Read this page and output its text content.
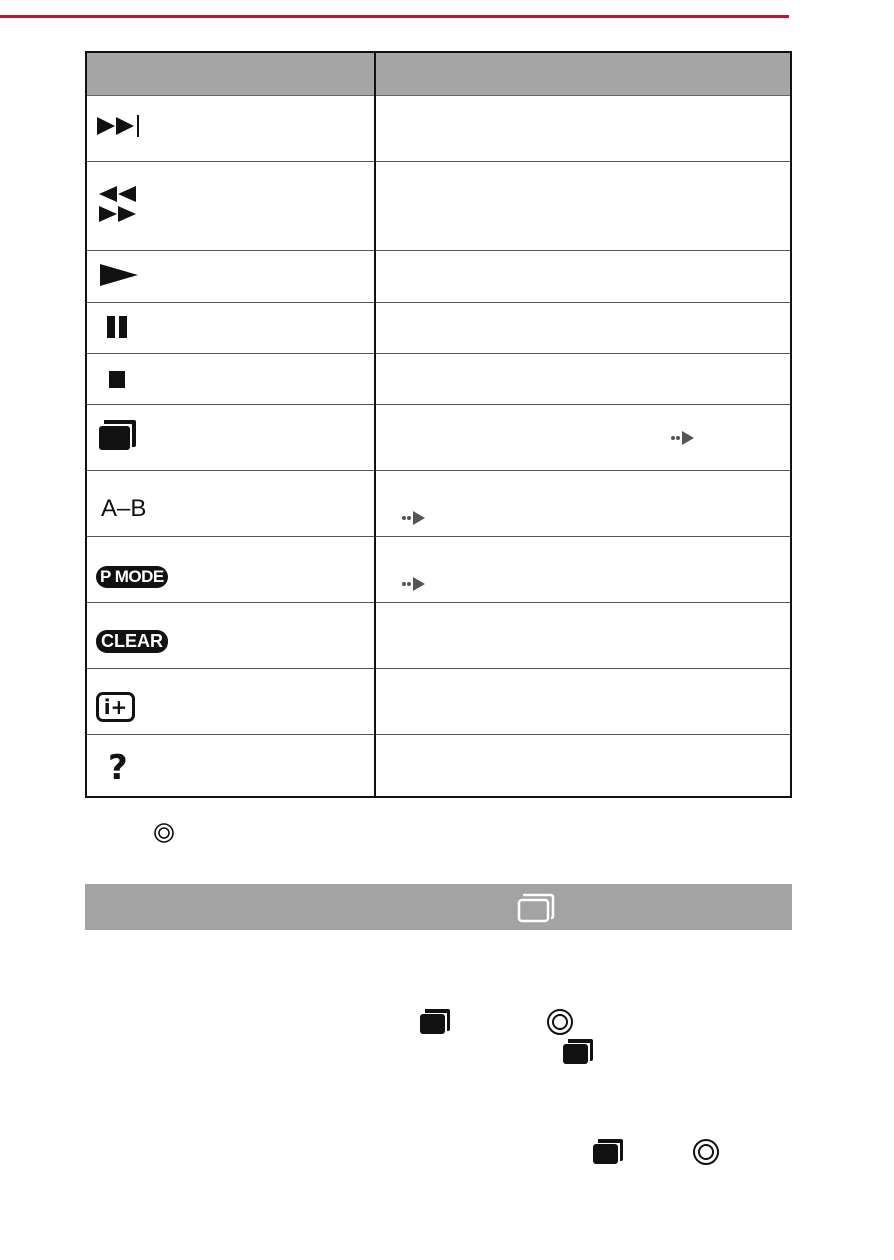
A–B	

P MODE	

CLEAR	
i+	
?	
